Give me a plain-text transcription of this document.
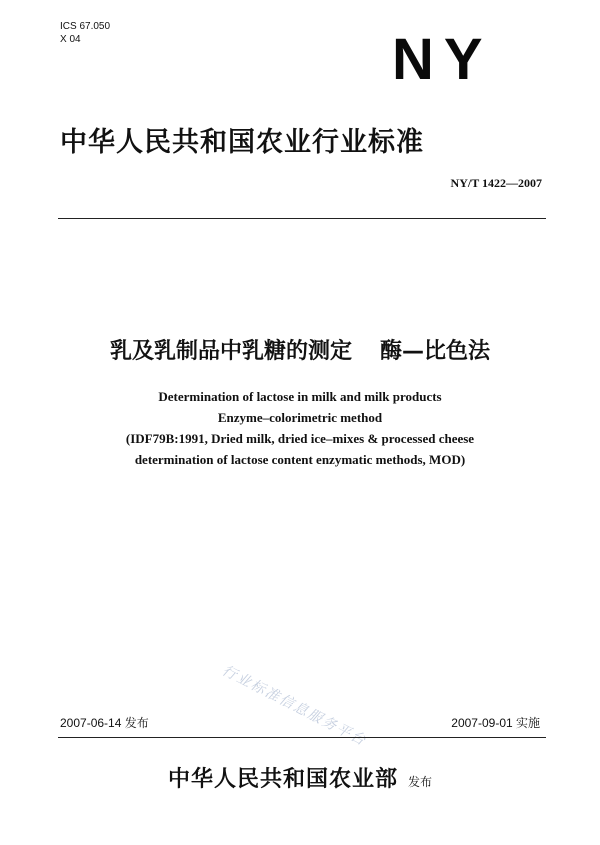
ICS 67.050
X 04	NY
中华人民共和国农业行业标准
NY/T 1422—2007
乳及乳制品中乳糖的测定 酶—比色法
Determination of lactose in milk and milk products
Enzyme–colorimetric method
(IDF79B:1991, Dried milk, dried ice–mixes & processed cheese
determination of lactose content enzymatic methods, MOD)
行业标准信息服务平台
2007-06-14 发布	2007-09-01 实施
中华人民共和国农业部 发布
